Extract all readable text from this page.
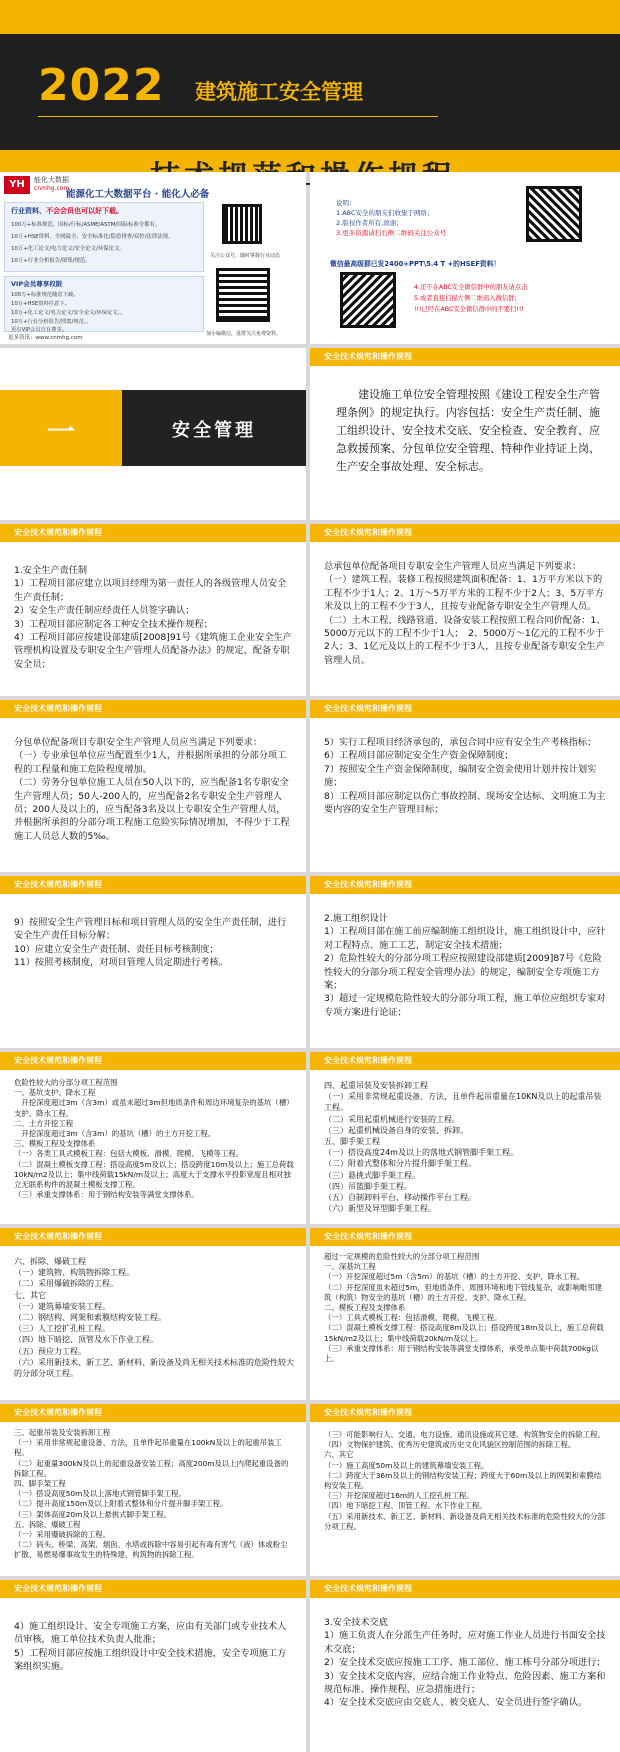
2022 建筑施工安全管理
YH	能化大数据
cnmhg.com
能源化工大数据平台 · 能化人必备
行业资料、不会会员也可以好下载。
100万+标准规范、国标/行标/ASME/ASTM/国际标准全都有。
10万+HSE资料，全网最全、安全标准化/隐患排查/双控/法律法规。
10万+化工论文/电力论文/安全论文/环保论文。
10万+行业分析报告/图集/规范。
关注公众号，随时掌握行业动态
VIP会员尊享权限
100万+标准规范随意下载。
10万+HSE资料任意下。
10万+化工论文/电力论文/安全论文/环保论文。。
10万+行业分析报告/图集/规范。。
更有VIP会员自有尊享。
更多资讯：www.cnmhg.com
加小编微信，进群关注免费资料。
说明：
1.ABC安全的朋友们收集于网络；
2.版权作者所有,致谢；
3.更多资源请扫右侧二维码关注公众号
微信最高级群已发2400+PPT\5.4 T +的HSEF资料！
4.还不在ABC安全微信群中的朋友请点击
5.或者直接扫描左侧二维码入微信群;
!!!已经在ABC安全微信群中的不要扫!!!
一	安全管理
安全技术规范和操作规程
建设施工单位安全管理按照《建设工程安全生产管理条例》的规定执行。内容包括：安全生产责任制、施工组织设计、安全技术交底、安全检查、安全教育、应急救援预案、分包单位安全管理、特种作业持证上岗、生产安全事故处理、安全标志。
安全技术规范和操作规程
1.安全生产责任制
1）工程项目部应建立以项目经理为第一责任人的各级管理人员安全生产责任制；
2）安全生产责任制应经责任人员签字确认；
3）工程项目部应制定各工种安全技术操作规程；
4）工程项目部应按建设部建质[2008]91号《建筑施工企业安全生产管理机构设置及专职安全生产管理人员配备办法》的规定，配备专职安全员；
安全技术规范和操作规程
总承包单位配备项目专职安全生产管理人员应当满足下列要求：
（一）建筑工程、装修工程按照建筑面积配备：1、1万平方米以下的工程不少于1人；2、1万～5万平方米的工程不少于2人；3、5万平方米及以上的工程不少于3人，且按专业配备专职安全生产管理人员。
（二）土木工程、线路管道、设备安装工程按照工程合同价配备：1、5000万元以下的工程不少于1人；　2、5000万～1亿元的工程不少于2人；3、1亿元及以上的工程不少于3人，且按专业配备专职安全生产管理人员。
安全技术规范和操作规程
分包单位配备项目专职安全生产管理人员应当满足下列要求：
（一）专业承包单位应当配置至少1人，并根据所承担的分部分项工程的工程量和施工危险程度增加。
（二）劳务分包单位施工人员在50人以下的，应当配备1名专职安全生产管理人员；50人-200人的，应当配备2名专职安全生产管理人员；200人及以上的，应当配备3名及以上专职安全生产管理人员，并根据所承担的分部分项工程施工危险实际情况增加，不得少于工程施工人员总人数的5‰。
安全技术规范和操作规程
5）实行工程项目经济承包的，承包合同中应有安全生产考核指标；
6）工程项目部应制定安全生产资金保障制度；
7）按照安全生产资金保障制度，编制安全资金使用计划并按计划实施；
8）工程项目部应制定以伤亡事故控制、现场安全达标、文明施工为主要内容的安全生产管理目标；
安全技术规范和操作规程
9）按照安全生产管理目标和项目管理人员的安全生产责任制，进行安全生产责任目标分解；
10）应建立安全生产责任制、责任目标考核制度；
11）按照考核制度，对项目管理人员定期进行考核。
安全技术规范和操作规程
2.施工组织设计
1）工程项目部在施工前应编制施工组织设计，施工组织设计中，应针对工程特点、施工工艺，制定安全技术措施；
2）危险性较大的分部分项工程应按照建设部建质[2009]87号《危险性较大的分部分项工程安全管理办法》的规定，编制安全专项施工方案；
3）超过一定规模危险性较大的分部分项工程，施工单位应组织专家对专项方案进行论证；
安全技术规范和操作规程
危险性较大的分部分项工程范围
一、基坑支护、降水工程
　开挖深度超过3m（含3m）或虽未超过3m但地质条件和周边环境复杂的基坑（槽）支护、降水工程。
二、土方开挖工程
　开挖深度超过3m（含3m）的基坑（槽）的土方开挖工程。
三、模板工程及支撑体系
（一）各类工具式模板工程：包括大模板、滑模、爬模、飞模等工程。
（二）混凝土模板支撑工程：搭设高度5m及以上；搭设跨度10m及以上；施工总荷载10kN/m2及以上；集中线荷载15kN/m及以上；高度大于支撑水平投影宽度且相对独立无联系构件的混凝土模板支撑工程。
（三）承重支撑体系：用于钢结构安装等满堂支撑体系。
安全技术规范和操作规程
四、起重吊装及安装拆卸工程
（一）采用非常规起重设备、方法，且单件起吊重量在10KN及以上的起重吊装工程。
（二）采用起重机械进行安装的工程。
（三）起重机械设备自身的安装、拆卸。
五、脚手架工程
（一）搭设高度24m及以上的落地式钢管脚手架工程。
（二）附着式整体和分片提升脚手架工程。
（三）悬挑式脚手架工程。
（四）吊篮脚手架工程。
（五）自制卸料平台、移动操作平台工程。
（六）新型及异型脚手架工程。
安全技术规范和操作规程
六、拆除、爆破工程
（一）建筑物、构筑物拆除工程。
（二）采用爆破拆除的工程。
七、其它
（一）建筑幕墙安装工程。
（二）钢结构、网架和索膜结构安装工程。
（三）人工挖扩孔桩工程。
（四）地下暗挖、顶管及水下作业工程。
（五）预应力工程。
（六）采用新技术、新工艺、新材料、新设备及尚无相关技术标准的危险性较大的分部分项工程。
安全技术规范和操作规程
超过一定规模的危险性较大的分部分项工程范围
一、深基坑工程
（一）开挖深度超过5m（含5m）的基坑（槽）的土方开挖、支护、降水工程。
（二）开挖深度虽未超过5m，但地质条件、周围环境和地下管线复杂，或影响毗邻建筑（构筑）物安全的基坑（槽）的土方开挖、支护、降水工程。
二、模板工程及支撑体系
（一）工具式模板工程：包括滑模、爬模、飞模工程。
（二）混凝土模板支撑工程：搭设高度8m及以上；搭设跨度18m及以上，施工总荷载15kN/m2及以上；集中线荷载20kN/m及以上。
（三）承重支撑体系：用于钢结构安装等满堂支撑体系，承受单点集中荷载700kg以上。
安全技术规范和操作规程
三、起重吊装及安装拆卸工程
（一）采用非常规起重设备、方法，且单件起吊重量在100kN及以上的起重吊装工程。
（二）起重量300kN及以上的起重设备安装工程；高度200m及以上内爬起重设备的拆除工程。
四、脚手架工程
（一）搭设高度50m及以上落地式钢管脚手架工程。
（二）提升高度150m及以上附着式整体和分片提升脚手架工程。
（三）架体高度20m及以上悬挑式脚手架工程。
五、拆除、爆破工程
（一）采用爆破拆除的工程。
（二）码头、桥梁、高架、烟囱、水塔或拆除中容易引起有毒有害气（液）体或粉尘扩散、易燃易爆事故发生的特殊建、构筑物的拆除工程。
安全技术规范和操作规程
（三）可能影响行人、交通、电力设施、通讯设施或其它建、构筑物安全的拆除工程。
（四）文物保护建筑、优秀历史建筑或历史文化风貌区控制范围的拆除工程。
六、其它
（一）施工高度50m及以上的建筑幕墙安装工程。
（二）跨度大于36m及以上的钢结构安装工程；跨度大于60m及以上的网架和索膜结构安装工程。
（三）开挖深度超过16m的人工挖孔桩工程。
（四）地下暗挖工程、顶管工程、水下作业工程。
（五）采用新技术、新工艺、新材料、新设备及尚无相关技术标准的危险性较大的分部分项工程。
安全技术规范和操作规程
4）施工组织设计、安全专项施工方案，应由有关部门或专业技术人员审核，施工单位技术负责人批准；
5）工程项目部应按施工组织设计中安全技术措施，安全专项施工方案组织实施。
安全技术规范和操作规程
3.安全技术交底
1）施工负责人在分派生产任务时，应对施工作业人员进行书面安全技术交底；
2）安全技术交底应按施工工序、施工部位、施工栋号分部分项进行；
3）安全技术交底内容，应结合施工作业特点、危险因素、施工方案和规范标准、操作规程、应急措施进行；
4）安全技术交底应由交底人、被交底人、安全员进行签字确认。
